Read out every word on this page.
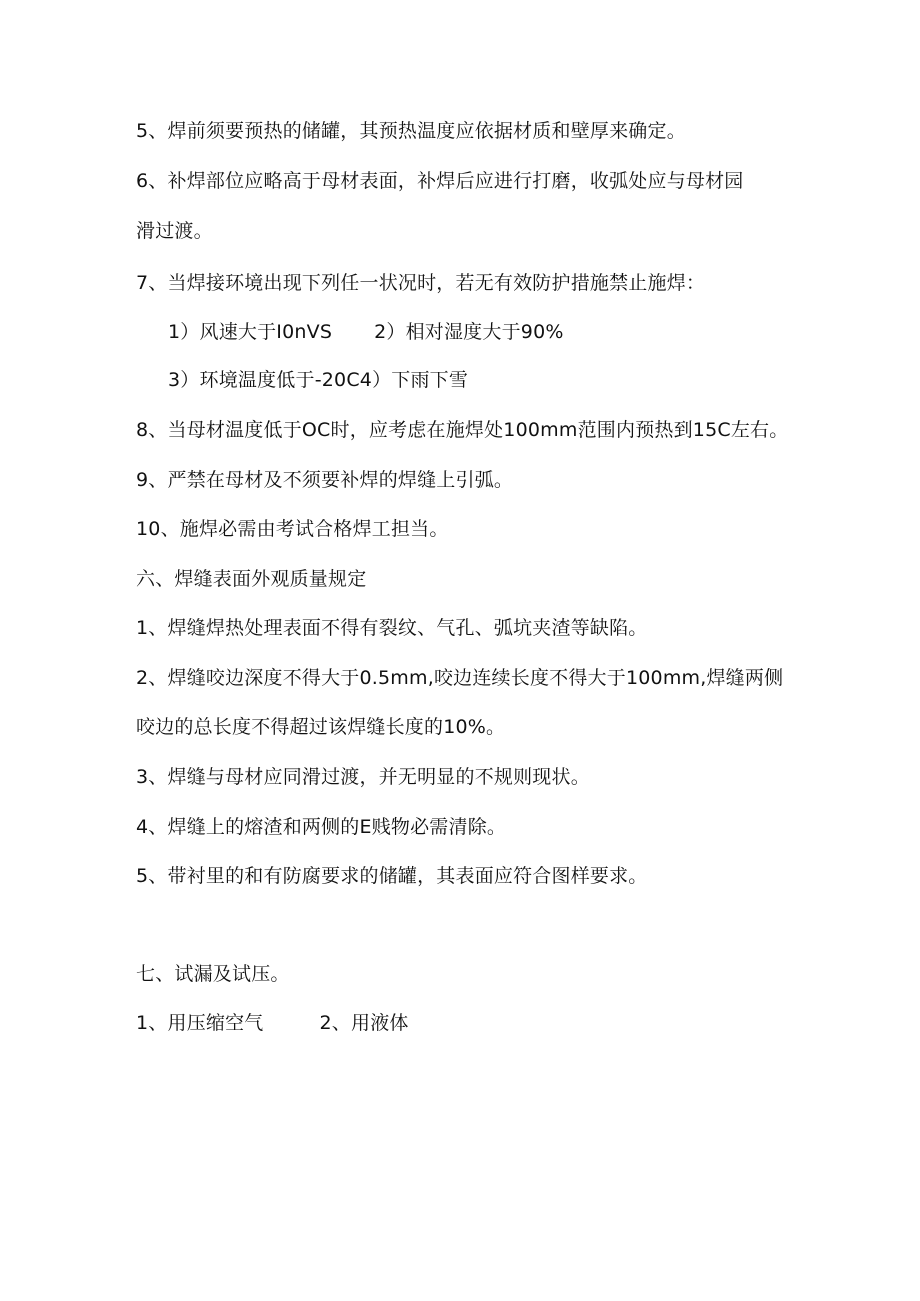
5、焊前须要预热的储罐，其预热温度应依据材质和壁厚来确定。
6、补焊部位应略高于母材表面，补焊后应进行打磨，收弧处应与母材园
滑过渡。
7、当焊接环境出现下列任一状况时，若无有效防护措施禁止施焊：
1）风速大于I0nVS 2）相对湿度大于90%
3）环境温度低于-20C4）下雨下雪
8、当母材温度低于OC时，应考虑在施焊处100mm范围内预热到15C左右。
9、严禁在母材及不须要补焊的焊缝上引弧。
10、施焊必需由考试合格焊工担当。
六、焊缝表面外观质量规定
1、焊缝焊热处理表面不得有裂纹、气孔、弧坑夹渣等缺陷。
2、焊缝咬边深度不得大于0.5mm,咬边连续长度不得大于100mm,焊缝两侧
咬边的总长度不得超过该焊缝长度的10%。
3、焊缝与母材应同滑过渡，并无明显的不规则现状。
4、焊缝上的熔渣和两侧的E贱物必需清除。
5、带衬里的和有防腐要求的储罐，其表面应符合图样要求。
七、试漏及试压。
1、用压缩空气	2、用液体
